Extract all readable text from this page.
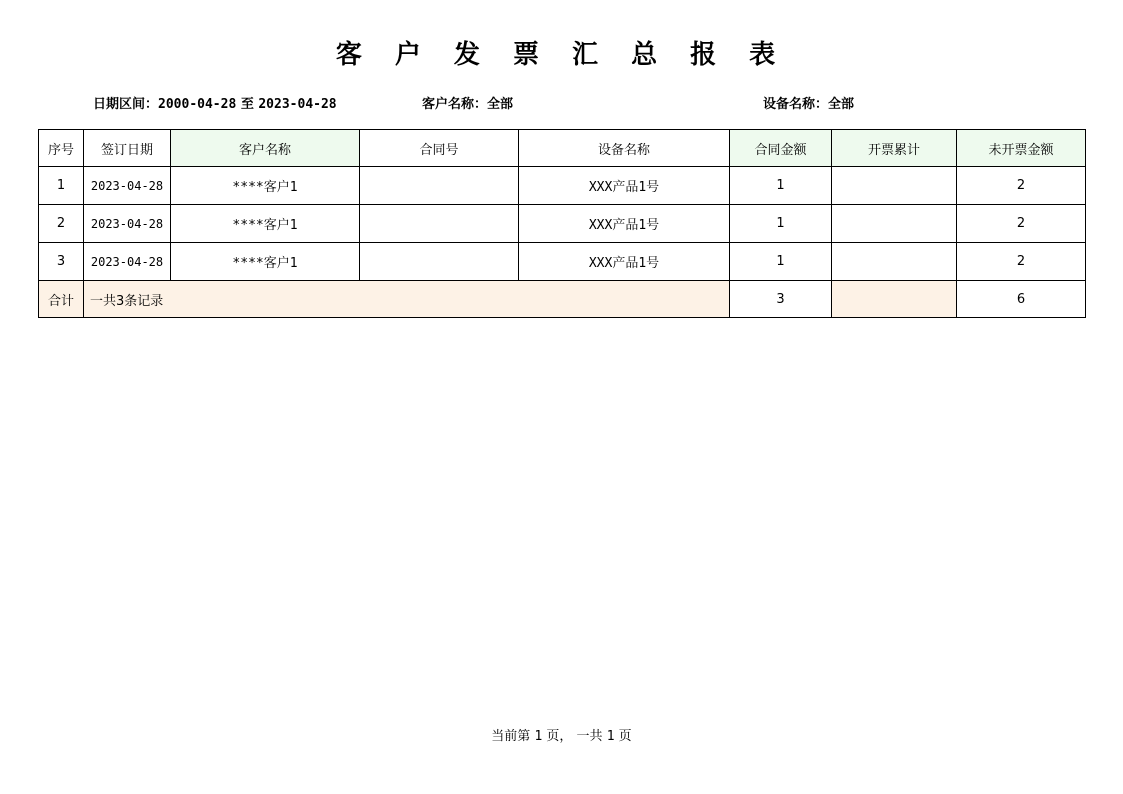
客 户 发 票 汇 总 报 表
日期区间：2000-04-28 至 2023-04-28	客户名称：全部	设备名称：全部
序号	签订日期	客户名称	合同号	设备名称	合同金额	开票累计	未开票金额
1	2023-04-28	****客户1		XXX产品1号	1		2
2	2023-04-28	****客户1		XXX产品1号	1		2
3	2023-04-28	****客户1		XXX产品1号	1		2
合计	一共3条记录				3		6
当前第 1 页， 一共 1 页
